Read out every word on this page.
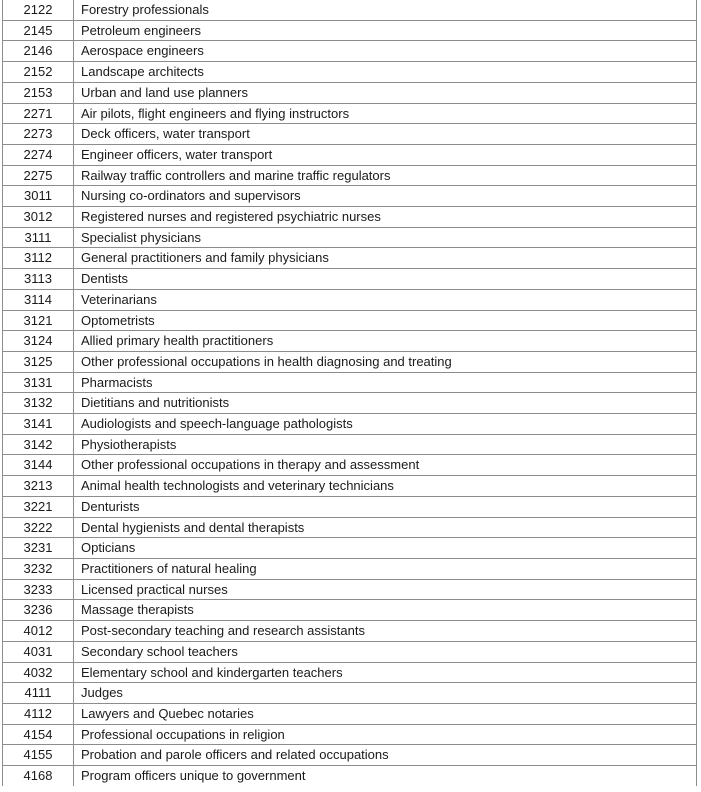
2122	Forestry professionals
2145	Petroleum engineers
2146	Aerospace engineers
2152	Landscape architects
2153	Urban and land use planners
2271	Air pilots, flight engineers and flying instructors
2273	Deck officers, water transport
2274	Engineer officers, water transport
2275	Railway traffic controllers and marine traffic regulators
3011	Nursing co-ordinators and supervisors
3012	Registered nurses and registered psychiatric nurses
3111	Specialist physicians
3112	General practitioners and family physicians
3113	Dentists
3114	Veterinarians
3121	Optometrists
3124	Allied primary health practitioners
3125	Other professional occupations in health diagnosing and treating
3131	Pharmacists
3132	Dietitians and nutritionists
3141	Audiologists and speech-language pathologists
3142	Physiotherapists
3144	Other professional occupations in therapy and assessment
3213	Animal health technologists and veterinary technicians
3221	Denturists
3222	Dental hygienists and dental therapists
3231	Opticians
3232	Practitioners of natural healing
3233	Licensed practical nurses
3236	Massage therapists
4012	Post-secondary teaching and research assistants
4031	Secondary school teachers
4032	Elementary school and kindergarten teachers
4111	Judges
4112	Lawyers and Quebec notaries
4154	Professional occupations in religion
4155	Probation and parole officers and related occupations
4168	Program officers unique to government
